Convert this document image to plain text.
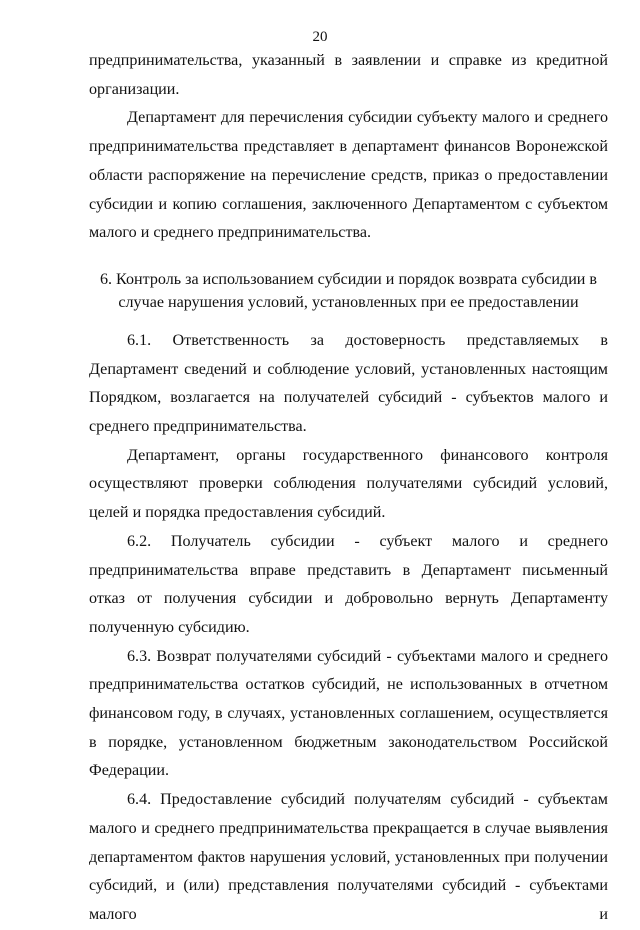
20

предпринимательства, указанный в заявлении и справке из кредитной организации.

Департамент для перечисления субсидии субъекту малого и среднего предпринимательства представляет в департамент финансов Воронежской области распоряжение на перечисление средств, приказ о предоставлении субсидии и копию соглашения, заключенного Департаментом с субъектом малого и среднего предпринимательства.

6. Контроль за использованием субсидии и порядок возврата субсидии в случае нарушения условий, установленных при ее предоставлении

6.1. Ответственность за достоверность представляемых в Департамент сведений и соблюдение условий, установленных настоящим Порядком, возлагается на получателей субсидий - субъектов малого и среднего предпринимательства.

Департамент, органы государственного финансового контроля осуществляют проверки соблюдения получателями субсидий условий, целей и порядка предоставления субсидий.

6.2. Получатель субсидии - субъект малого и среднего предпринимательства вправе представить в Департамент письменный отказ от получения субсидии и добровольно вернуть Департаменту полученную субсидию.

6.3. Возврат получателями субсидий - субъектами малого и среднего предпринимательства остатков субсидий, не использованных в отчетном финансовом году, в случаях, установленных соглашением, осуществляется в порядке, установленном бюджетным законодательством Российской Федерации.

6.4. Предоставление субсидий получателям субсидий - субъектам малого и среднего предпринимательства прекращается в случае выявления департаментом фактов нарушения условий, установленных при получении субсидий, и (или) представления получателями субсидий - субъектами малого и
